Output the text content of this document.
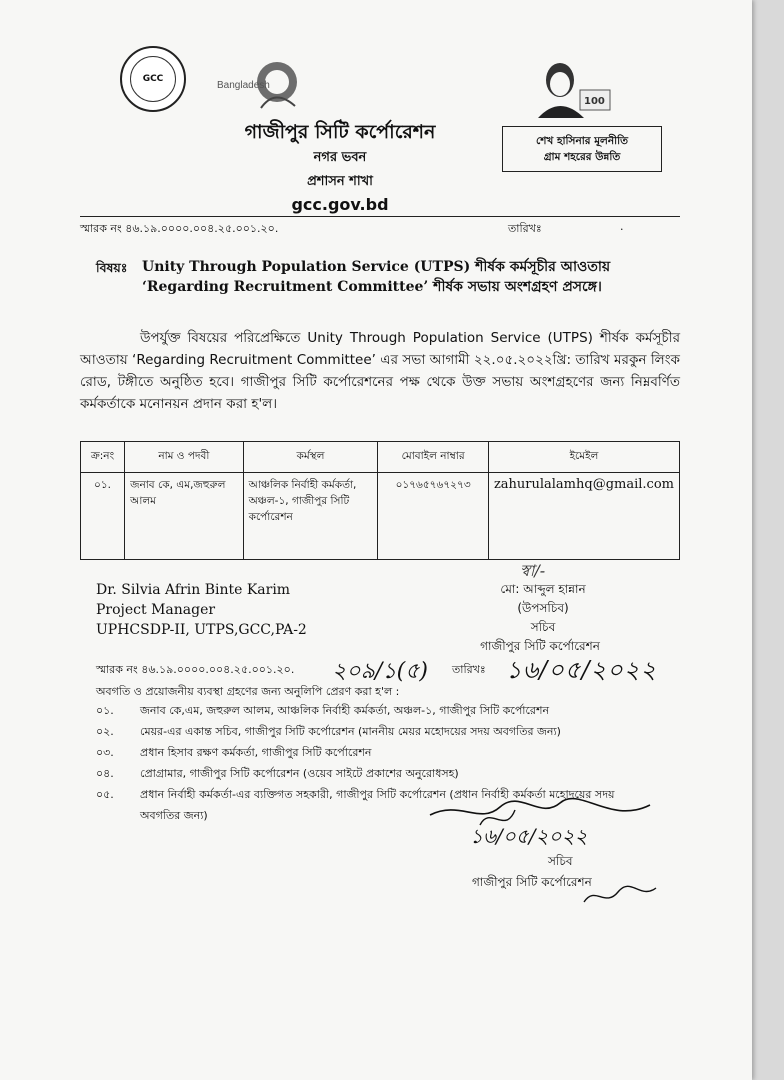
GCC
Bangladesh
100
গাজীপুর সিটি কর্পোরেশন
নগর ভবন
প্রশাসন শাখা
gcc.gov.bd
শেখ হাসিনার মূলনীতি
গ্রাম শহরের উন্নতি
স্মারক নং ৪৬.১৯.০০০০.০০৪.২৫.০০১.২০.	তারিখঃ	.
বিষয়ঃ Unity Through Population Service (UTPS) শীর্ষক কর্মসূচীর আওতায় ‘Regarding Recruitment Committee’ শীর্ষক সভায় অংশগ্রহণ প্রসঙ্গে।
উপর্যুক্ত বিষয়ের পরিপ্রেক্ষিতে Unity Through Population Service (UTPS) শীর্ষক কর্মসূচীর আওতায় ‘Regarding Recruitment Committee’ এর সভা আগামী ২২.০৫.২০২২খ্রি: তারিখ মরকুন লিংক রোড, টঙ্গীতে অনুষ্ঠিত হবে। গাজীপুর সিটি কর্পোরেশনের পক্ষ থেকে উক্ত সভায় অংশগ্রহণের জন্য নিম্নবর্ণিত কর্মকর্তাকে মনোনয়ন প্রদান করা হ'ল।
ক্র:নং	নাম ও পদবী	কর্মস্থল	মোবাইল নাম্বার	ইমেইল
০১.	জনাব কে, এম,জহুরুল আলম	আঞ্চলিক নির্বাহী কর্মকর্তা, অঞ্চল-১, গাজীপুর সিটি কর্পোরেশন	০১৭৬৫৭৬৭২৭৩	zahurulalamhq@gmail.com
স্বা/-
Dr. Silvia Afrin Binte Karim
Project Manager
UPHCSDP-II, UTPS,GCC,PA-2
মো: আব্দুল হান্নান
(উপসচিব)
সচিব
গাজীপুর সিটি কর্পোরেশন
স্মারক নং ৪৬.১৯.০০০০.০০৪.২৫.০০১.২০. ২০৯/১(৫) তারিখঃ ১৬/০৫/২০২২
অবগতি ও প্রয়োজনীয় ব্যবস্থা গ্রহণের জন্য অনুলিপি প্রেরণ করা হ'ল :
০১.	জনাব কে,এম, জহুরুল আলম, আঞ্চলিক নির্বাহী কর্মকর্তা, অঞ্চল-১, গাজীপুর সিটি কর্পোরেশন
০২.	মেয়র-এর একান্ত সচিব, গাজীপুর সিটি কর্পোরেশন (মাননীয় মেয়র মহোদয়ের সদয় অবগতির জন্য)
০৩.	প্রধান হিসাব রক্ষণ কর্মকর্তা, গাজীপুর সিটি কর্পোরেশন
০৪.	প্রোগ্রামার, গাজীপুর সিটি কর্পোরেশন (ওয়েব সাইটে প্রকাশের অনুরোধসহ)
০৫.	প্রধান নির্বাহী কর্মকর্তা-এর ব্যক্তিগত সহকারী, গাজীপুর সিটি কর্পোরেশন (প্রধান নির্বাহী কর্মকর্তা মহোদয়ের সদয় অবগতির জন্য)
১৬/০৫/২০২২
সচিব
গাজীপুর সিটি কর্পোরেশন
